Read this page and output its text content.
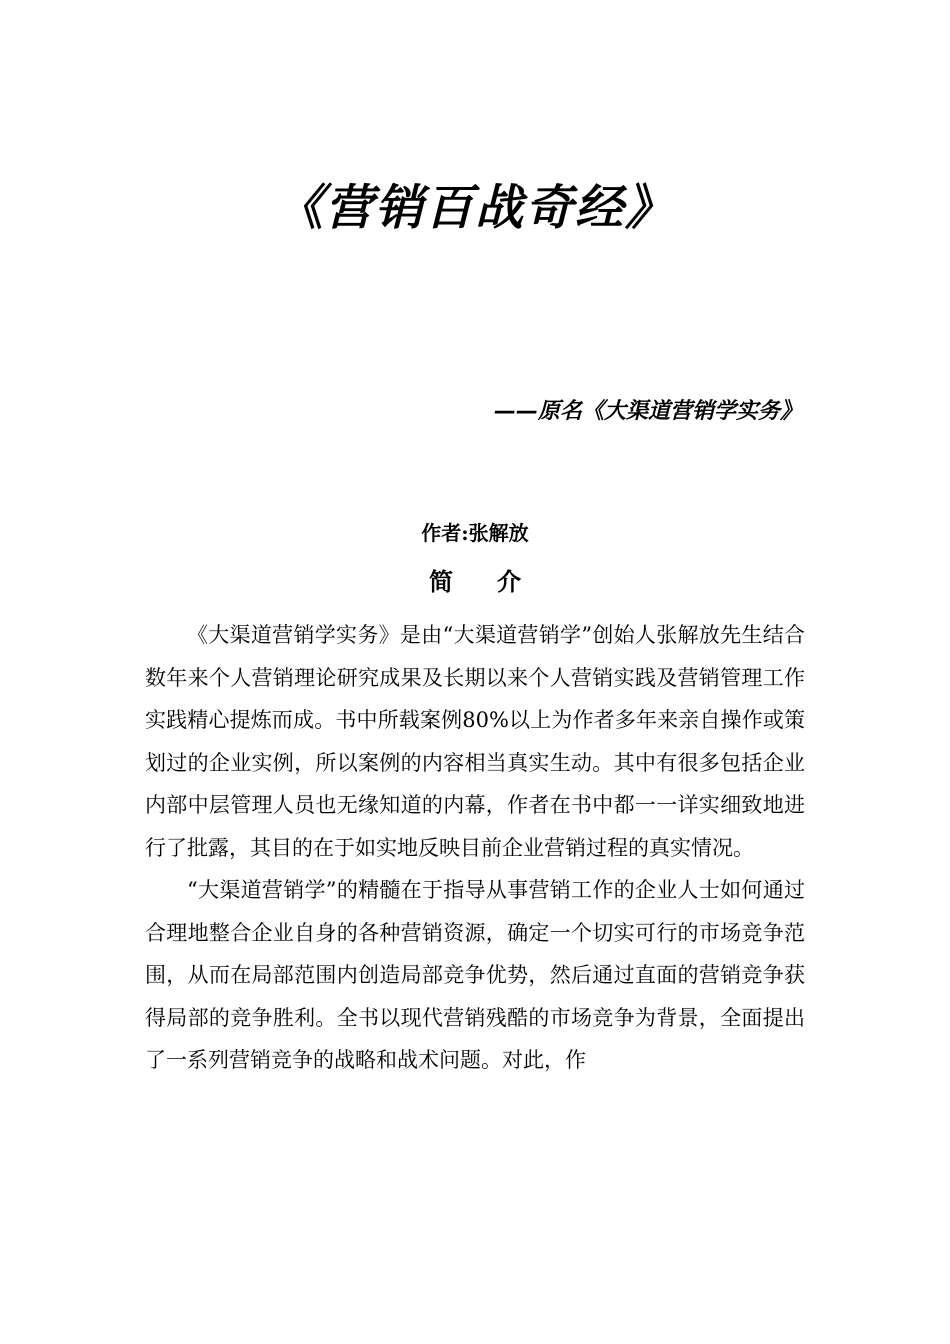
《营销百战奇经》
——原名《大渠道营销学实务》
作者:张解放
简介

《大渠道营销学实务》是由“大渠道营销学”创始人张解放先生结合数年来个人营销理论研究成果及长期以来个人营销实践及营销管理工作实践精心提炼而成。书中所载案例80%以上为作者多年来亲自操作或策划过的企业实例，所以案例的内容相当真实生动。其中有很多包括企业内部中层管理人员也无缘知道的内幕，作者在书中都一一详实细致地进行了批露，其目的在于如实地反映目前企业营销过程的真实情况。

“大渠道营销学”的精髓在于指导从事营销工作的企业人士如何通过合理地整合企业自身的各种营销资源，确定一个切实可行的市场竞争范围，从而在局部范围内创造局部竞争优势，然后通过直面的营销竞争获得局部的竞争胜利。全书以现代营销残酷的市场竞争为背景，全面提出了一系列营销竞争的战略和战术问题。对此，作
